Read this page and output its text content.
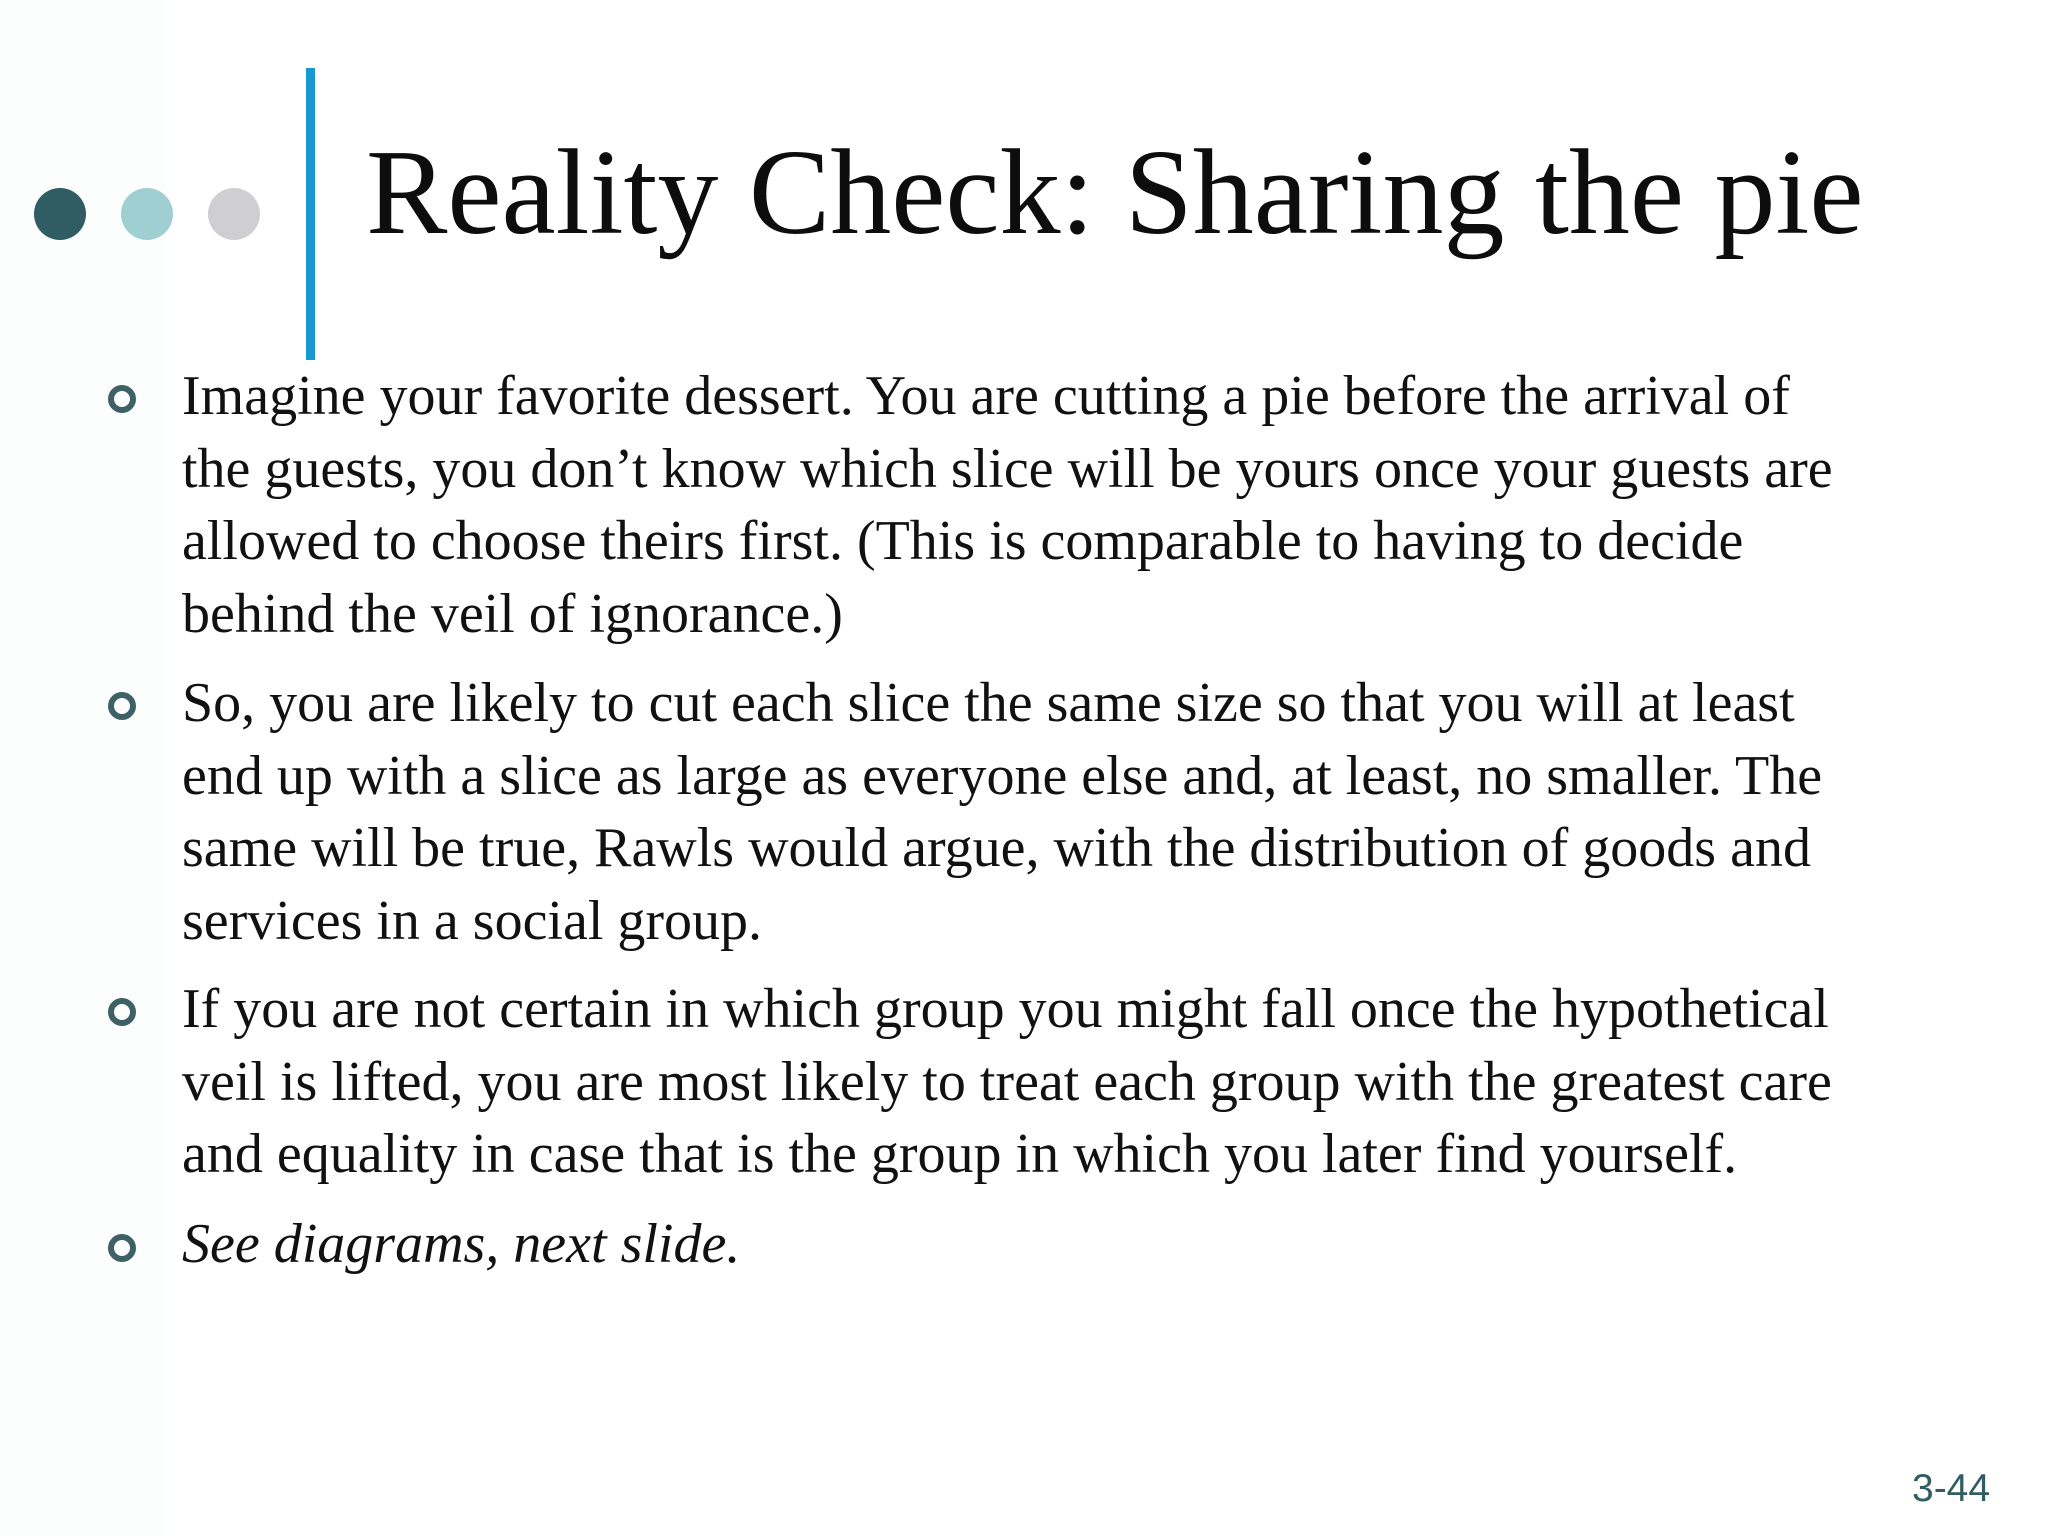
Reality Check: Sharing the pie
Imagine your favorite dessert. You are cutting a pie before the arrival of
the guests, you don’t know which slice will be yours once your guests are
allowed to choose theirs first. (This is comparable to having to decide
behind the veil of ignorance.)
So, you are likely to cut each slice the same size so that you will at least
end up with a slice as large as everyone else and, at least, no smaller. The
same will be true, Rawls would argue, with the distribution of goods and
services in a social group.
If you are not certain in which group you might fall once the hypothetical
veil is lifted, you are most likely to treat each group with the greatest care
and equality in case that is the group in which you later find yourself.
See diagrams, next slide.
3-44
